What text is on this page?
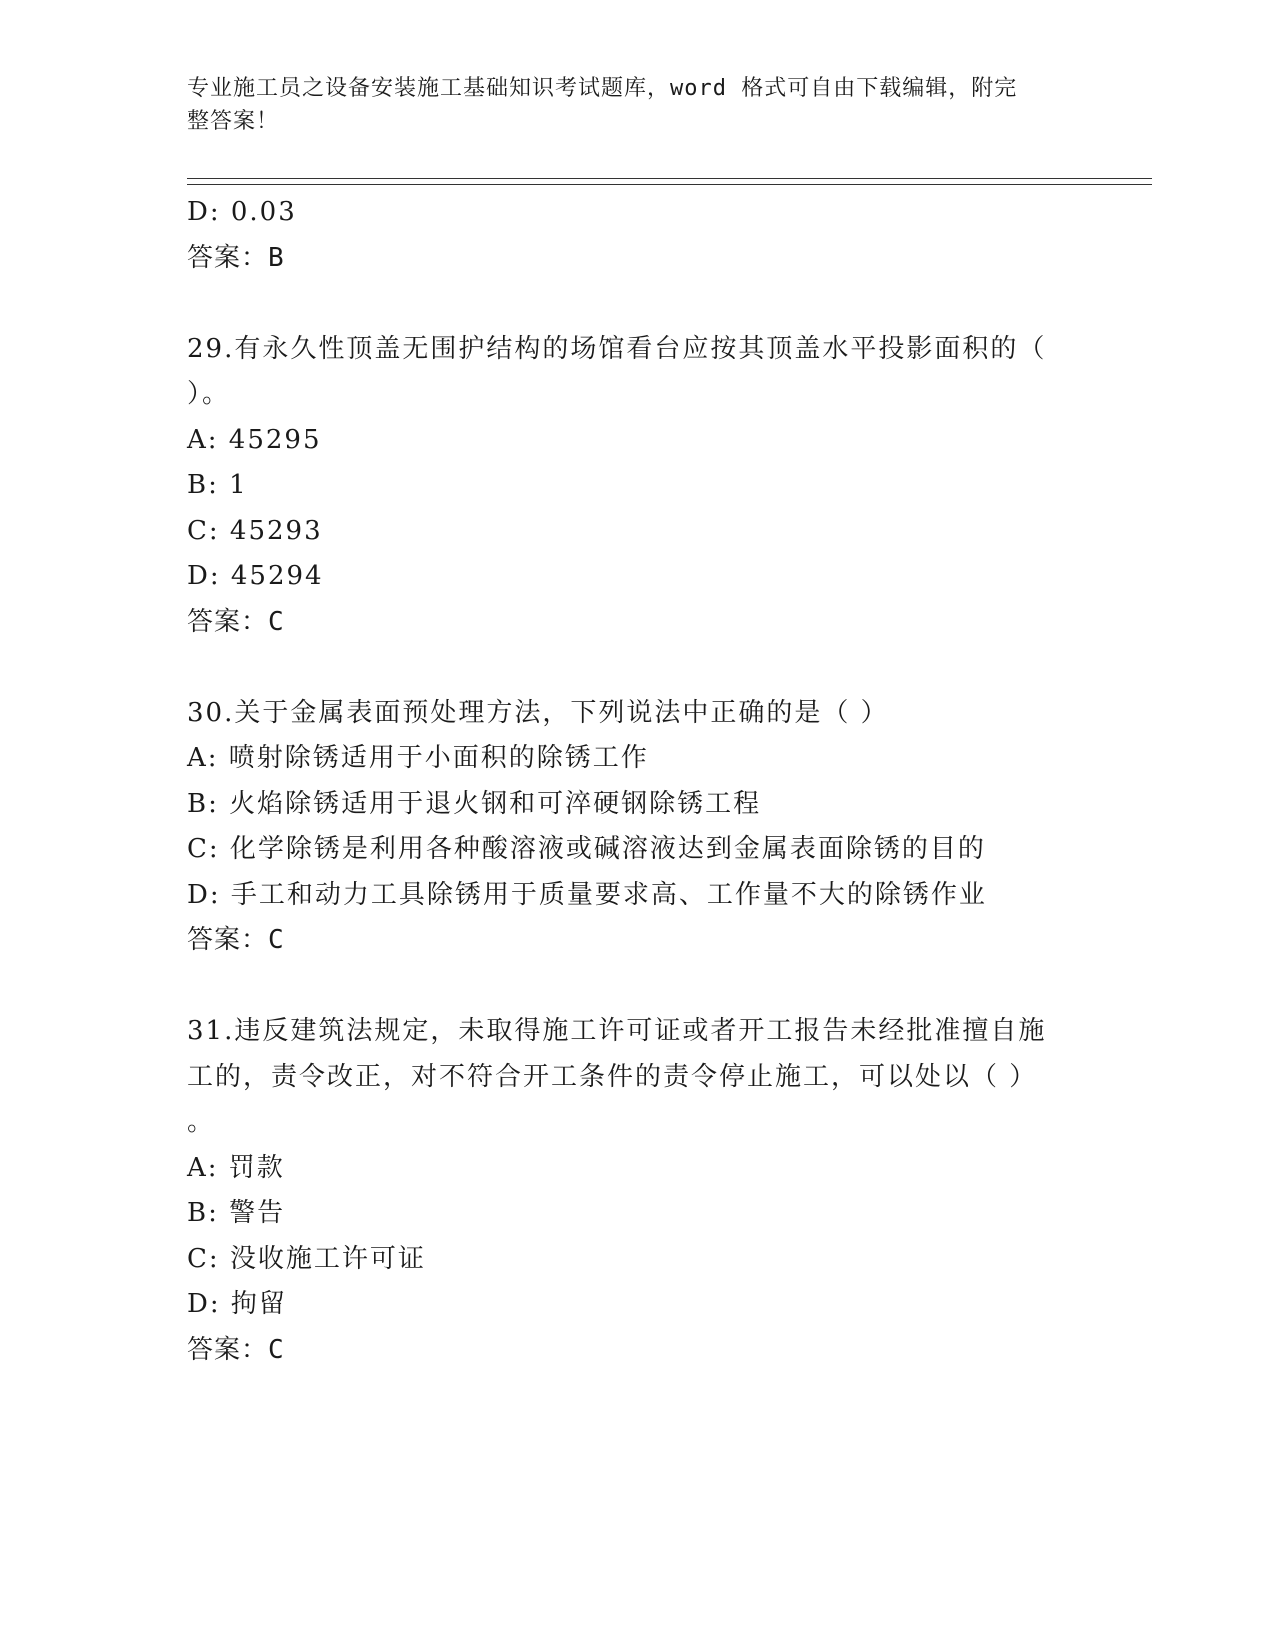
专业施工员之设备安装施工基础知识考试题库，word 格式可自由下载编辑，附完
整答案！
D: 0.03
答案：B
29.有永久性顶盖无围护结构的场馆看台应按其顶盖水平投影面积的（
）。
A: 45295
B: 1
C: 45293
D: 45294
答案：C
30.关于金属表面预处理方法，下列说法中正确的是（ ）
A: 喷射除锈适用于小面积的除锈工作
B: 火焰除锈适用于退火钢和可淬硬钢除锈工程
C: 化学除锈是利用各种酸溶液或碱溶液达到金属表面除锈的目的
D: 手工和动力工具除锈用于质量要求高、工作量不大的除锈作业
答案：C
31.违反建筑法规定，未取得施工许可证或者开工报告未经批准擅自施
工的，责令改正，对不符合开工条件的责令停止施工，可以处以（ ）
。
A: 罚款
B: 警告
C: 没收施工许可证
D: 拘留
答案：C
